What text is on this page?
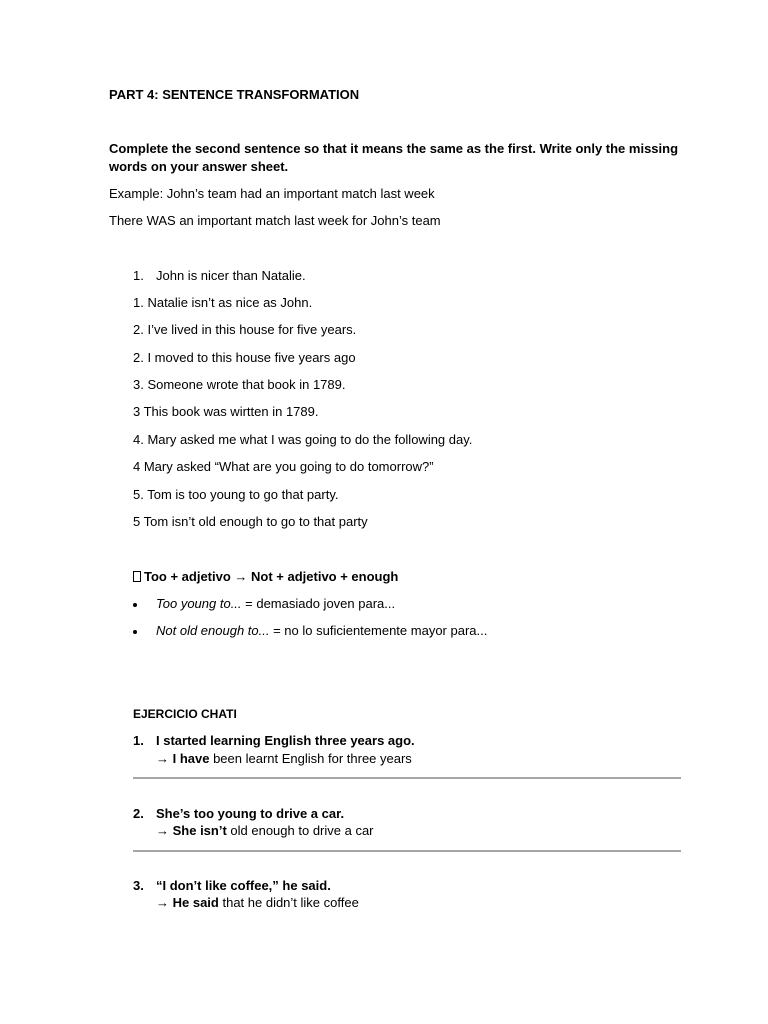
PART 4: SENTENCE TRANSFORMATION
Complete the second sentence so that it means the same as the first. Write only the missing
words on your answer sheet.
Example: John’s team had an important match last week
There WAS an important match last week for John’s team
1. John is nicer than Natalie.
1. Natalie isn’t as nice as John.
2. I’ve lived in this house for five years.
2. I moved to this house five years ago
3. Someone wrote that book in 1789.
3 This book was wirtten in 1789.
4. Mary asked me what I was going to do the following day.
4 Mary asked “What are you going to do tomorrow?”
5. Tom is too young to go that party.
5 Tom isn’t old enough to go to that party
Too + adjetivo → Not + adjetivo + enough
Too young to... = demasiado joven para...
Not old enough to... = no lo suficientemente mayor para...
EJERCICIO CHATI
1. I started learning English three years ago.
→ I have been learnt English for three years
2. She’s too young to drive a car.
→ She isn’t old enough to drive a car
3. “I don’t like coffee,” he said.
→ He said that he didn’t like coffee
